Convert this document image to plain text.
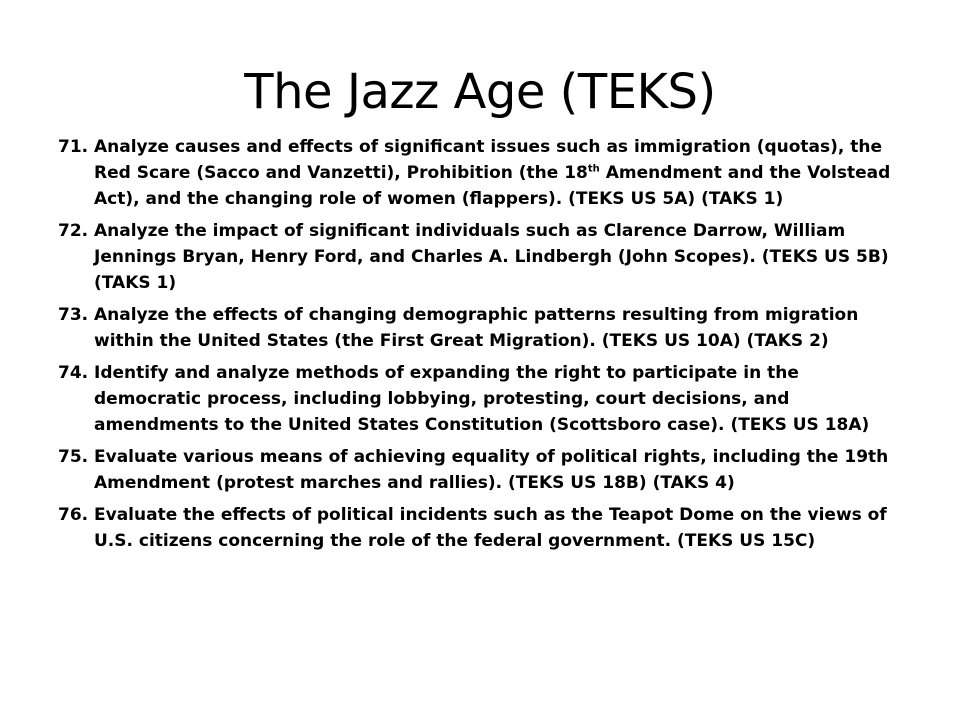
The Jazz Age (TEKS)
71. Analyze causes and effects of significant issues such as immigration (quotas), the Red Scare (Sacco and Vanzetti), Prohibition (the 18th Amendment and the Volstead Act), and the changing role of women (flappers). (TEKS US 5A) (TAKS 1)
72. Analyze the impact of significant individuals such as Clarence Darrow, William Jennings Bryan, Henry Ford, and Charles A. Lindbergh (John Scopes). (TEKS US 5B) (TAKS 1)
73. Analyze the effects of changing demographic patterns resulting from migration within the United States (the First Great Migration). (TEKS US 10A) (TAKS 2)
74. Identify and analyze methods of expanding the right to participate in the democratic process, including lobbying, protesting, court decisions, and amendments to the United States Constitution (Scottsboro case). (TEKS US 18A)
75. Evaluate various means of achieving equality of political rights, including the 19th Amendment (protest marches and rallies). (TEKS US 18B) (TAKS 4)
76. Evaluate the effects of political incidents such as the Teapot Dome on the views of U.S. citizens concerning the role of the federal government. (TEKS US 15C)
